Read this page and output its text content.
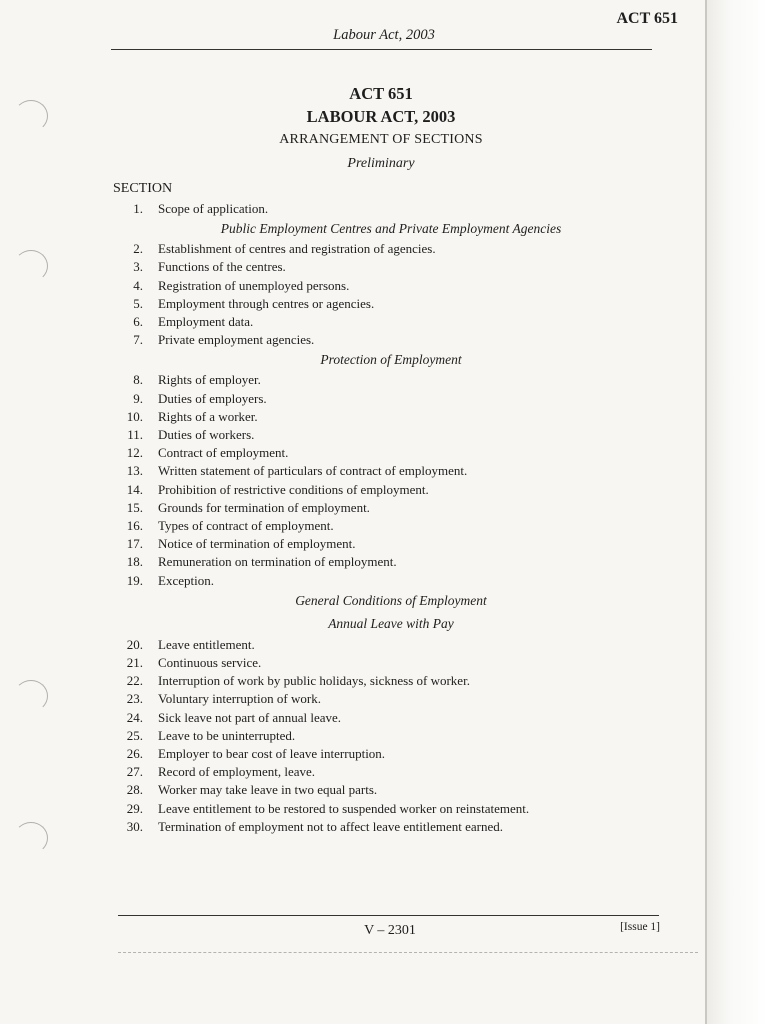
ACT 651
Labour Act, 2003
ACT 651
LABOUR ACT, 2003
ARRANGEMENT OF SECTIONS
Preliminary
SECTION
1. Scope of application.
Public Employment Centres and Private Employment Agencies
2. Establishment of centres and registration of agencies.
3. Functions of the centres.
4. Registration of unemployed persons.
5. Employment through centres or agencies.
6. Employment data.
7. Private employment agencies.
Protection of Employment
8. Rights of employer.
9. Duties of employers.
10. Rights of a worker.
11. Duties of workers.
12. Contract of employment.
13. Written statement of particulars of contract of employment.
14. Prohibition of restrictive conditions of employment.
15. Grounds for termination of employment.
16. Types of contract of employment.
17. Notice of termination of employment.
18. Remuneration on termination of employment.
19. Exception.
General Conditions of Employment
Annual Leave with Pay
20. Leave entitlement.
21. Continuous service.
22. Interruption of work by public holidays, sickness of worker.
23. Voluntary interruption of work.
24. Sick leave not part of annual leave.
25. Leave to be uninterrupted.
26. Employer to bear cost of leave interruption.
27. Record of employment, leave.
28. Worker may take leave in two equal parts.
29. Leave entitlement to be restored to suspended worker on reinstatement.
30. Termination of employment not to affect leave entitlement earned.
V – 2301	[Issue 1]
